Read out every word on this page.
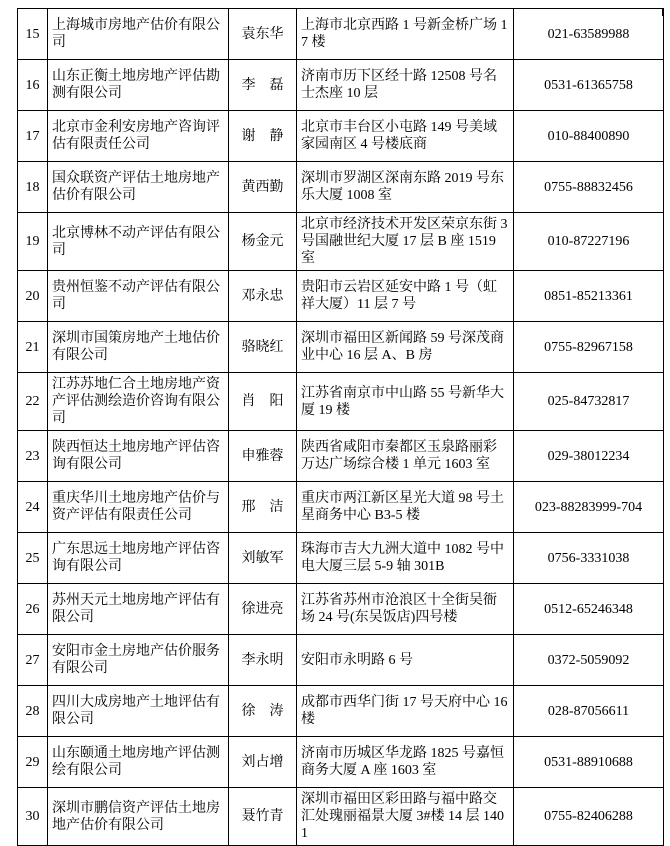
15	上海城市房地产估价有限公司	袁东华	上海市北京西路 1 号新金桥广场 17 楼	021-63589988
16	山东正衡土地房地产评估勘测有限公司	李　磊	济南市历下区经十路 12508 号名士杰座 10 层	0531-61365758
17	北京市金利安房地产咨询评估有限责任公司	谢　静	北京市丰台区小屯路 149 号美域家园南区 4 号楼底商	010-88400890
18	国众联资产评估土地房地产估价有限公司	黄西勤	深圳市罗湖区深南东路 2019 号东乐大厦 1008 室	0755-88832456
19	北京博林不动产评估有限公司	杨金元	北京市经济技术开发区荣京东街 3 号国融世纪大厦 17 层 B 座 1519 室	010-87227196
20	贵州恒鉴不动产评估有限公司	邓永忠	贵阳市云岩区延安中路 1 号（虹祥大厦）11 层 7 号	0851-85213361
21	深圳市国策房地产土地估价有限公司	骆晓红	深圳市福田区新闻路 59 号深茂商业中心 16 层 A、B 房	0755-82967158
22	江苏苏地仁合土地房地产资产评估测绘造价咨询有限公司	肖　阳	江苏省南京市中山路 55 号新华大厦 19 楼	025-84732817
23	陕西恒达土地房地产评估咨询有限公司	申雅蓉	陕西省咸阳市秦都区玉泉路丽彩万达广场综合楼 1 单元 1603 室	029-38012234
24	重庆华川土地房地产估价与资产评估有限责任公司	邢　洁	重庆市两江新区星光大道 98 号土星商务中心 B3-5 楼	023-88283999-704
25	广东思远土地房地产评估咨询有限公司	刘敏军	珠海市吉大九洲大道中 1082 号中电大厦三层 5-9 轴 301B	0756-3331038
26	苏州天元土地房地产评估有限公司	徐进亮	江苏省苏州市沧浪区十全街吴衙场 24 号(东吴饭店)四号楼	0512-65246348
27	安阳市金土房地产估价服务有限公司	李永明	安阳市永明路 6 号	0372-5059092
28	四川大成房地产土地评估有限公司	徐　涛	成都市西华门街 17 号天府中心 16 楼	028-87056611
29	山东颐通土地房地产评估测绘有限公司	刘占增	济南市历城区华龙路 1825 号嘉恒商务大厦 A 座 1603 室	0531-88910688
30	深圳市鹏信资产评估土地房地产估价有限公司	聂竹青	深圳市福田区彩田路与福中路交汇处瑰丽福景大厦 3#楼 14 层 1401	0755-82406288
